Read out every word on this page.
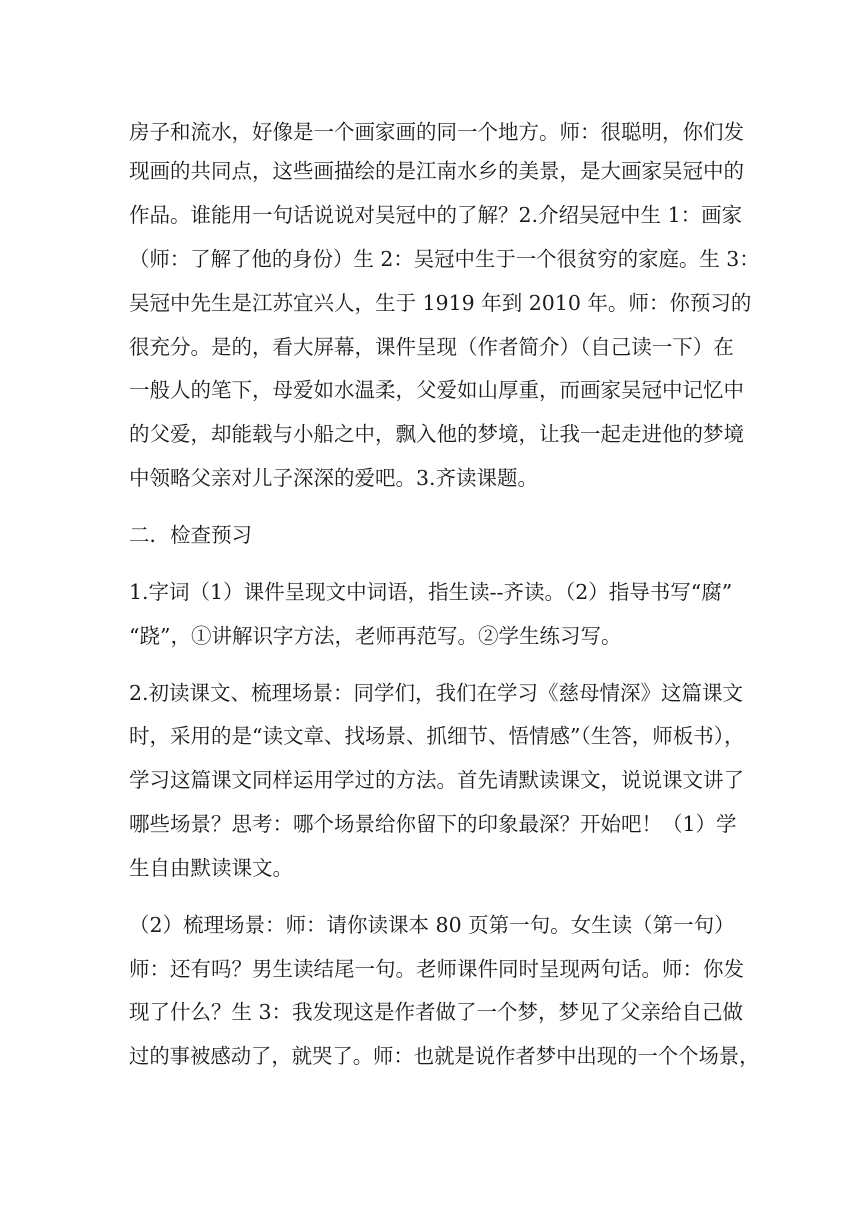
房子和流水，好像是一个画家画的同一个地方。师：很聪明，你们发
现画的共同点，这些画描绘的是江南水乡的美景，是大画家吴冠中的
作品。谁能用一句话说说对吴冠中的了解？2.介绍吴冠中生 1：画家
（师：了解了他的身份）生 2：吴冠中生于一个很贫穷的家庭。生 3：
吴冠中先生是江苏宜兴人，生于 1919 年到 2010 年。师：你预习的
很充分。是的，看大屏幕，课件呈现（作者简介）（自己读一下）在
一般人的笔下，母爱如水温柔，父爱如山厚重，而画家吴冠中记忆中
的父爱，却能载与小船之中，飘入他的梦境，让我一起走进他的梦境
中领略父亲对儿子深深的爱吧。3.齐读课题。
二．检查预习
1.字词（1）课件呈现文中词语，指生读--齐读。（2）指导书写“腐”
“跷”，①讲解识字方法，老师再范写。②学生练习写。
2.初读课文、梳理场景：同学们，我们在学习《慈母情深》这篇课文
时，采用的是“读文章、找场景、抓细节、悟情感”（生答，师板书），
学习这篇课文同样运用学过的方法。首先请默读课文，说说课文讲了
哪些场景？思考：哪个场景给你留下的印象最深？开始吧！（1）学
生自由默读课文。
（2）梳理场景：师：请你读课本 80 页第一句。女生读（第一句）
师：还有吗？男生读结尾一句。老师课件同时呈现两句话。师：你发
现了什么？生 3：我发现这是作者做了一个梦，梦见了父亲给自己做
过的事被感动了，就哭了。师：也就是说作者梦中出现的一个个场景，
